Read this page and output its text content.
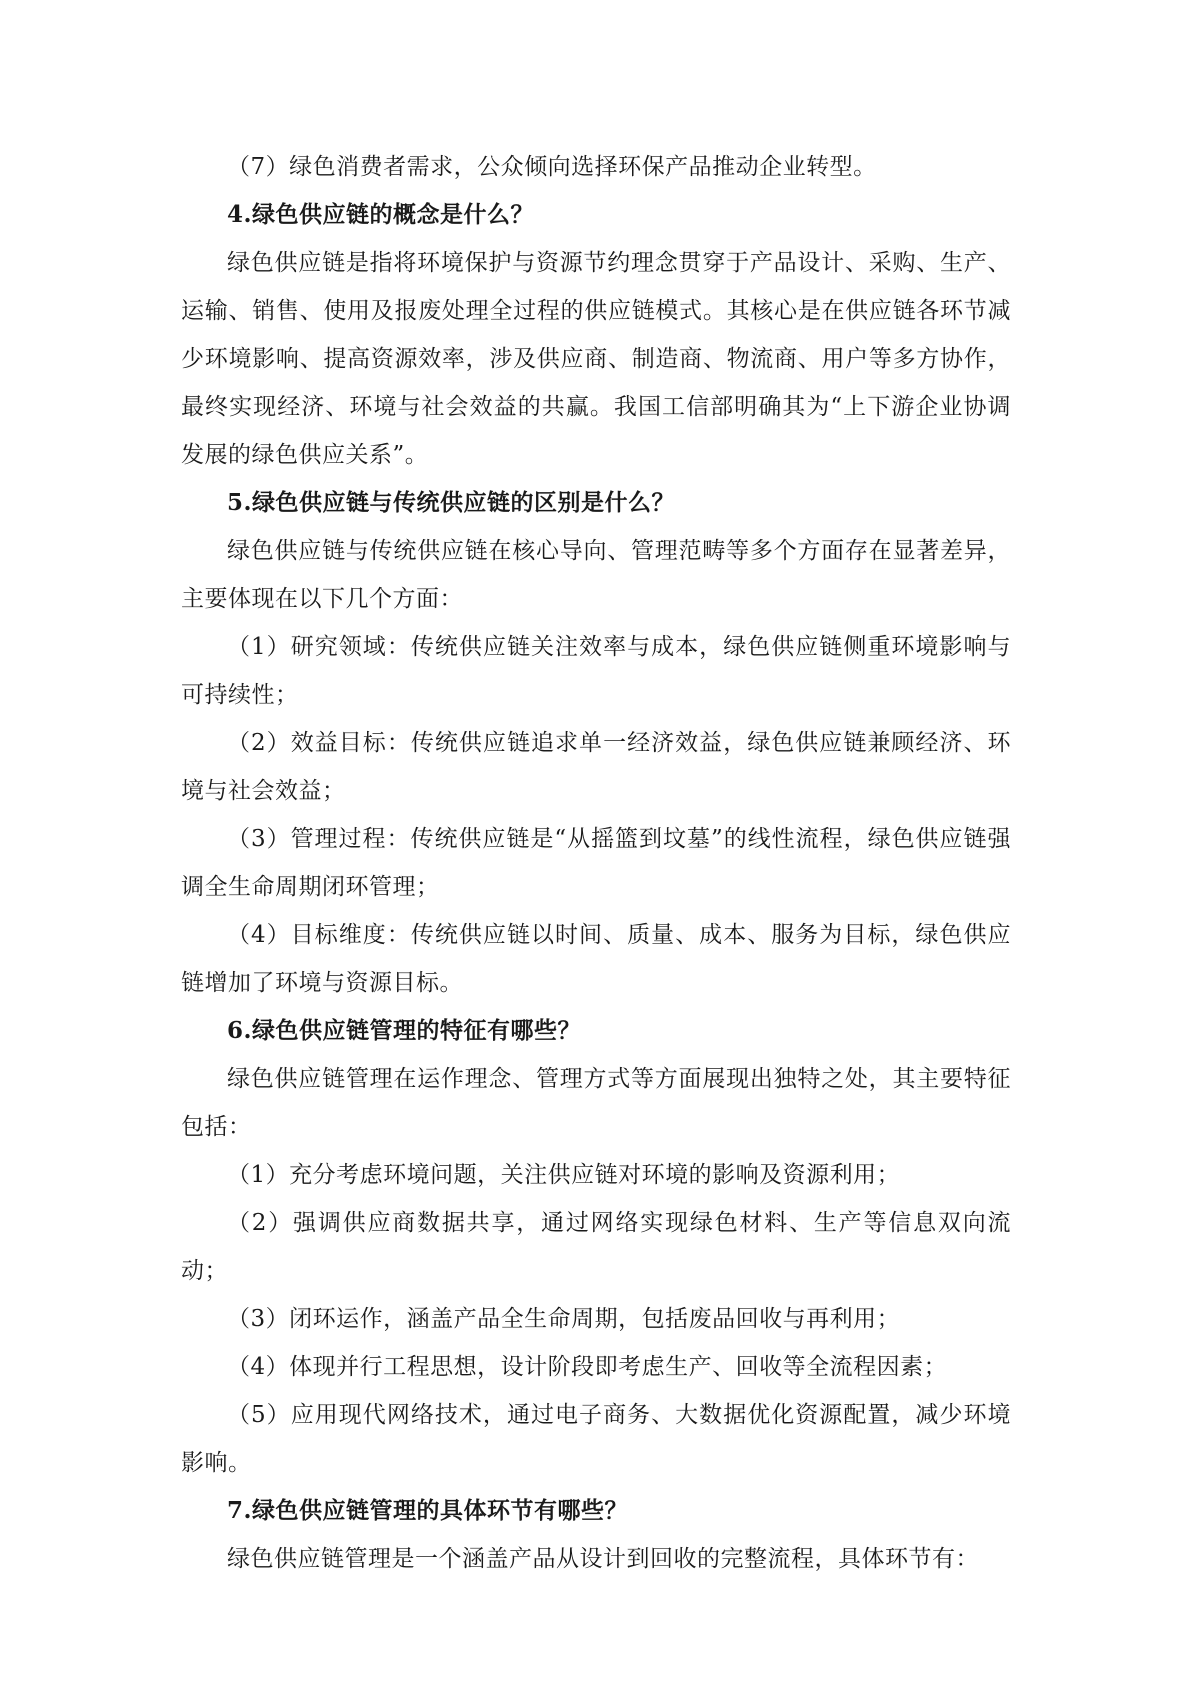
（7）绿色消费者需求，公众倾向选择环保产品推动企业转型。

4.绿色供应链的概念是什么？

绿色供应链是指将环境保护与资源节约理念贯穿于产品设计、采购、生产、运输、销售、使用及报废处理全过程的供应链模式。其核心是在供应链各环节减少环境影响、提高资源效率，涉及供应商、制造商、物流商、用户等多方协作，最终实现经济、环境与社会效益的共赢。我国工信部明确其为“上下游企业协调发展的绿色供应关系”。

5.绿色供应链与传统供应链的区别是什么？

绿色供应链与传统供应链在核心导向、管理范畴等多个方面存在显著差异，主要体现在以下几个方面：

（1）研究领域：传统供应链关注效率与成本，绿色供应链侧重环境影响与可持续性；

（2）效益目标：传统供应链追求单一经济效益，绿色供应链兼顾经济、环境与社会效益；

（3）管理过程：传统供应链是“从摇篮到坟墓”的线性流程，绿色供应链强调全生命周期闭环管理；

（4）目标维度：传统供应链以时间、质量、成本、服务为目标，绿色供应链增加了环境与资源目标。

6.绿色供应链管理的特征有哪些？

绿色供应链管理在运作理念、管理方式等方面展现出独特之处，其主要特征包括：

（1）充分考虑环境问题，关注供应链对环境的影响及资源利用；

（2）强调供应商数据共享，通过网络实现绿色材料、生产等信息双向流动；

（3）闭环运作，涵盖产品全生命周期，包括废品回收与再利用；

（4）体现并行工程思想，设计阶段即考虑生产、回收等全流程因素；

（5）应用现代网络技术，通过电子商务、大数据优化资源配置，减少环境影响。

7.绿色供应链管理的具体环节有哪些？

绿色供应链管理是一个涵盖产品从设计到回收的完整流程，具体环节有：
